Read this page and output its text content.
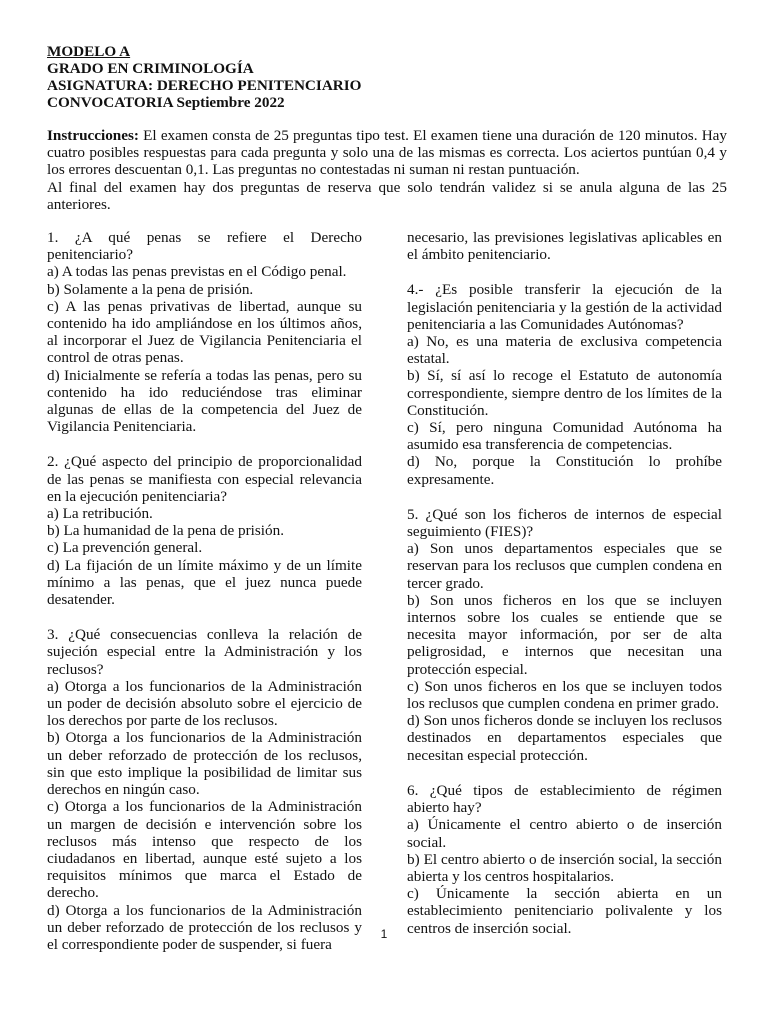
MODELO A
GRADO EN CRIMINOLOGÍA
ASIGNATURA: DERECHO PENITENCIARIO
CONVOCATORIA Septiembre 2022

Instrucciones: El examen consta de 25 preguntas tipo test. El examen tiene una duración de 120 minutos. Hay cuatro posibles respuestas para cada pregunta y solo una de las mismas es correcta. Los aciertos puntúan 0,4 y los errores descuentan 0,1. Las preguntas no contestadas ni suman ni restan puntuación.

Al final del examen hay dos preguntas de reserva que solo tendrán validez si se anula alguna de las 25 anteriores.

1. ¿A qué penas se refiere el Derecho penitenciario?

a) A todas las penas previstas en el Código penal.

b) Solamente a la pena de prisión.

c) A las penas privativas de libertad, aunque su contenido ha ido ampliándose en los últimos años, al incorporar el Juez de Vigilancia Penitenciaria el control de otras penas.

d) Inicialmente se refería a todas las penas, pero su contenido ha ido reduciéndose tras eliminar algunas de ellas de la competencia del Juez de Vigilancia Penitenciaria.

2. ¿Qué aspecto del principio de proporcionalidad de las penas se manifiesta con especial relevancia en la ejecución penitenciaria?

a) La retribución.

b) La humanidad de la pena de prisión.

c) La prevención general.

d) La fijación de un límite máximo y de un límite mínimo a las penas, que el juez nunca puede desatender.

3. ¿Qué consecuencias conlleva la relación de sujeción especial entre la Administración y los reclusos?

a) Otorga a los funcionarios de la Administración un poder de decisión absoluto sobre el ejercicio de los derechos por parte de los reclusos.

b) Otorga a los funcionarios de la Administración un deber reforzado de protección de los reclusos, sin que esto implique la posibilidad de limitar sus derechos en ningún caso.

c) Otorga a los funcionarios de la Administración un margen de decisión e intervención sobre los reclusos más intenso que respecto de los ciudadanos en libertad, aunque esté sujeto a los requisitos mínimos que marca el Estado de derecho.

d) Otorga a los funcionarios de la Administración un deber reforzado de protección de los reclusos y el correspondiente poder de suspender, si fuera

necesario, las previsiones legislativas aplicables en el ámbito penitenciario.

4.- ¿Es posible transferir la ejecución de la legislación penitenciaria y la gestión de la actividad penitenciaria a las Comunidades Autónomas?

a) No, es una materia de exclusiva competencia estatal.

b) Sí, sí así lo recoge el Estatuto de autonomía correspondiente, siempre dentro de los límites de la Constitución.

c) Sí, pero ninguna Comunidad Autónoma ha asumido esa transferencia de competencias.

d) No, porque la Constitución lo prohíbe expresamente.

5. ¿Qué son los ficheros de internos de especial seguimiento (FIES)?

a) Son unos departamentos especiales que se reservan para los reclusos que cumplen condena en tercer grado.

b) Son unos ficheros en los que se incluyen internos sobre los cuales se entiende que se necesita mayor información, por ser de alta peligrosidad, e internos que necesitan una protección especial.

c) Son unos ficheros en los que se incluyen todos los reclusos que cumplen condena en primer grado.

d) Son unos ficheros donde se incluyen los reclusos destinados en departamentos especiales que necesitan especial protección.

6. ¿Qué tipos de establecimiento de régimen abierto hay?

a) Únicamente el centro abierto o de inserción social.

b) El centro abierto o de inserción social, la sección abierta y los centros hospitalarios.

c) Únicamente la sección abierta en un establecimiento penitenciario polivalente y los centros de inserción social.

1
